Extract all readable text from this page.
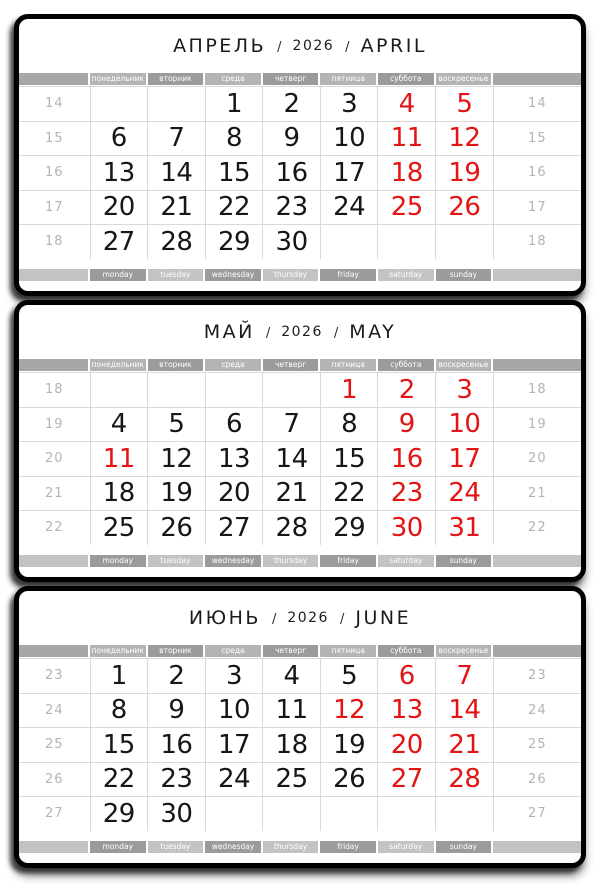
АПРЕЛЬ / 2026 / APRIL
понедельник	вторник	среда	четверг	пятница	суббота	воскресенье
14			1	2	3	4	5	14
15	6	7	8	9	10	11	12	15
16	13	14	15	16	17	18	19	16
17	20	21	22	23	24	25	26	17
18	27	28	29	30				18
monday	tuesday	wednesday	thursday	friday	saturday	sunday
МАЙ / 2026 / MAY
понедельник	вторник	среда	четверг	пятница	суббота	воскресенье
18					1	2	3	18
19	4	5	6	7	8	9	10	19
20	11	12	13	14	15	16	17	20
21	18	19	20	21	22	23	24	21
22	25	26	27	28	29	30	31	22
monday	tuesday	wednesday	thursday	friday	saturday	sunday
ИЮНЬ / 2026 / JUNE
понедельник	вторник	среда	четверг	пятница	суббота	воскресенье
23	1	2	3	4	5	6	7	23
24	8	9	10	11	12	13	14	24
25	15	16	17	18	19	20	21	25
26	22	23	24	25	26	27	28	26
27	29	30						27
monday	tuesday	wednesday	thursday	friday	saturday	sunday
